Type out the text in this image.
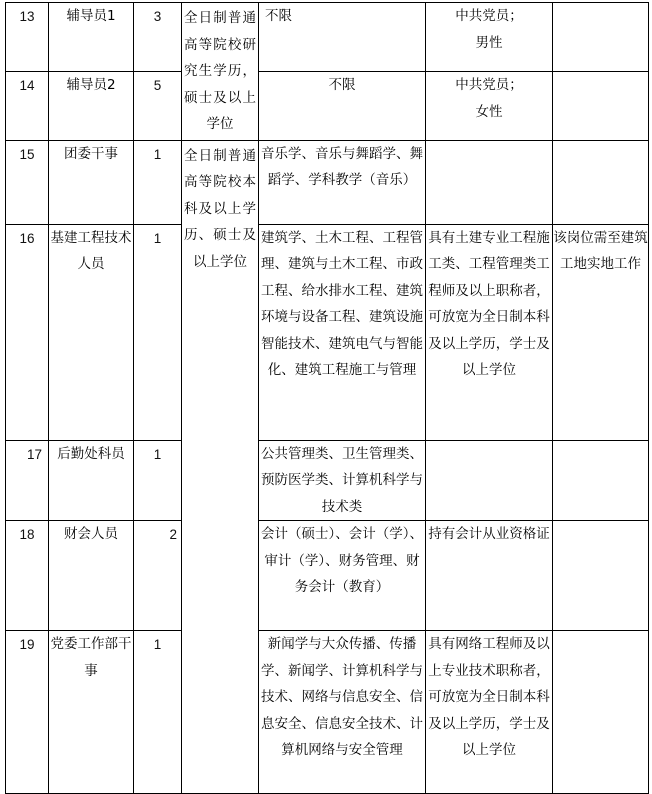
13	辅导员1	3	全日制普通高等院校研究生学历，硕士及以上学位	不限	中共党员；
男性	

14	辅导员2	5		不限	中共党员；
女性	

15	团委干事	1	全日制普通高等院校本科及以上学历、硕士及以上学位	音乐学、音乐与舞蹈学、舞蹈学、学科教学（音乐）		
16	基建工程技术人员	1		建筑学、土木工程、工程管理、建筑与土木工程、市政工程、给水排水工程、建筑环境与设备工程、建筑设施智能技术、建筑电气与智能化、建筑工程施工与管理	具有土建专业工程施工类、工程管理类工程师及以上职称者，可放宽为全日制本科及以上学历，学士及以上学位	该岗位需至建筑工地实地工作
17	后勤处科员	1		公共管理类、卫生管理类、预防医学类、计算机科学与技术类		
18	财会人员	2		会计（硕士）、会计（学）、审计（学）、财务管理、财务会计（教育）	持有会计从业资格证	
19	党委工作部干事	1		新闻学与大众传播、传播学、新闻学、计算机科学与技术、网络与信息安全、信息安全、信息安全技术、计算机网络与安全管理	具有网络工程师及以上专业技术职称者，可放宽为全日制本科及以上学历，学士及以上学位	
